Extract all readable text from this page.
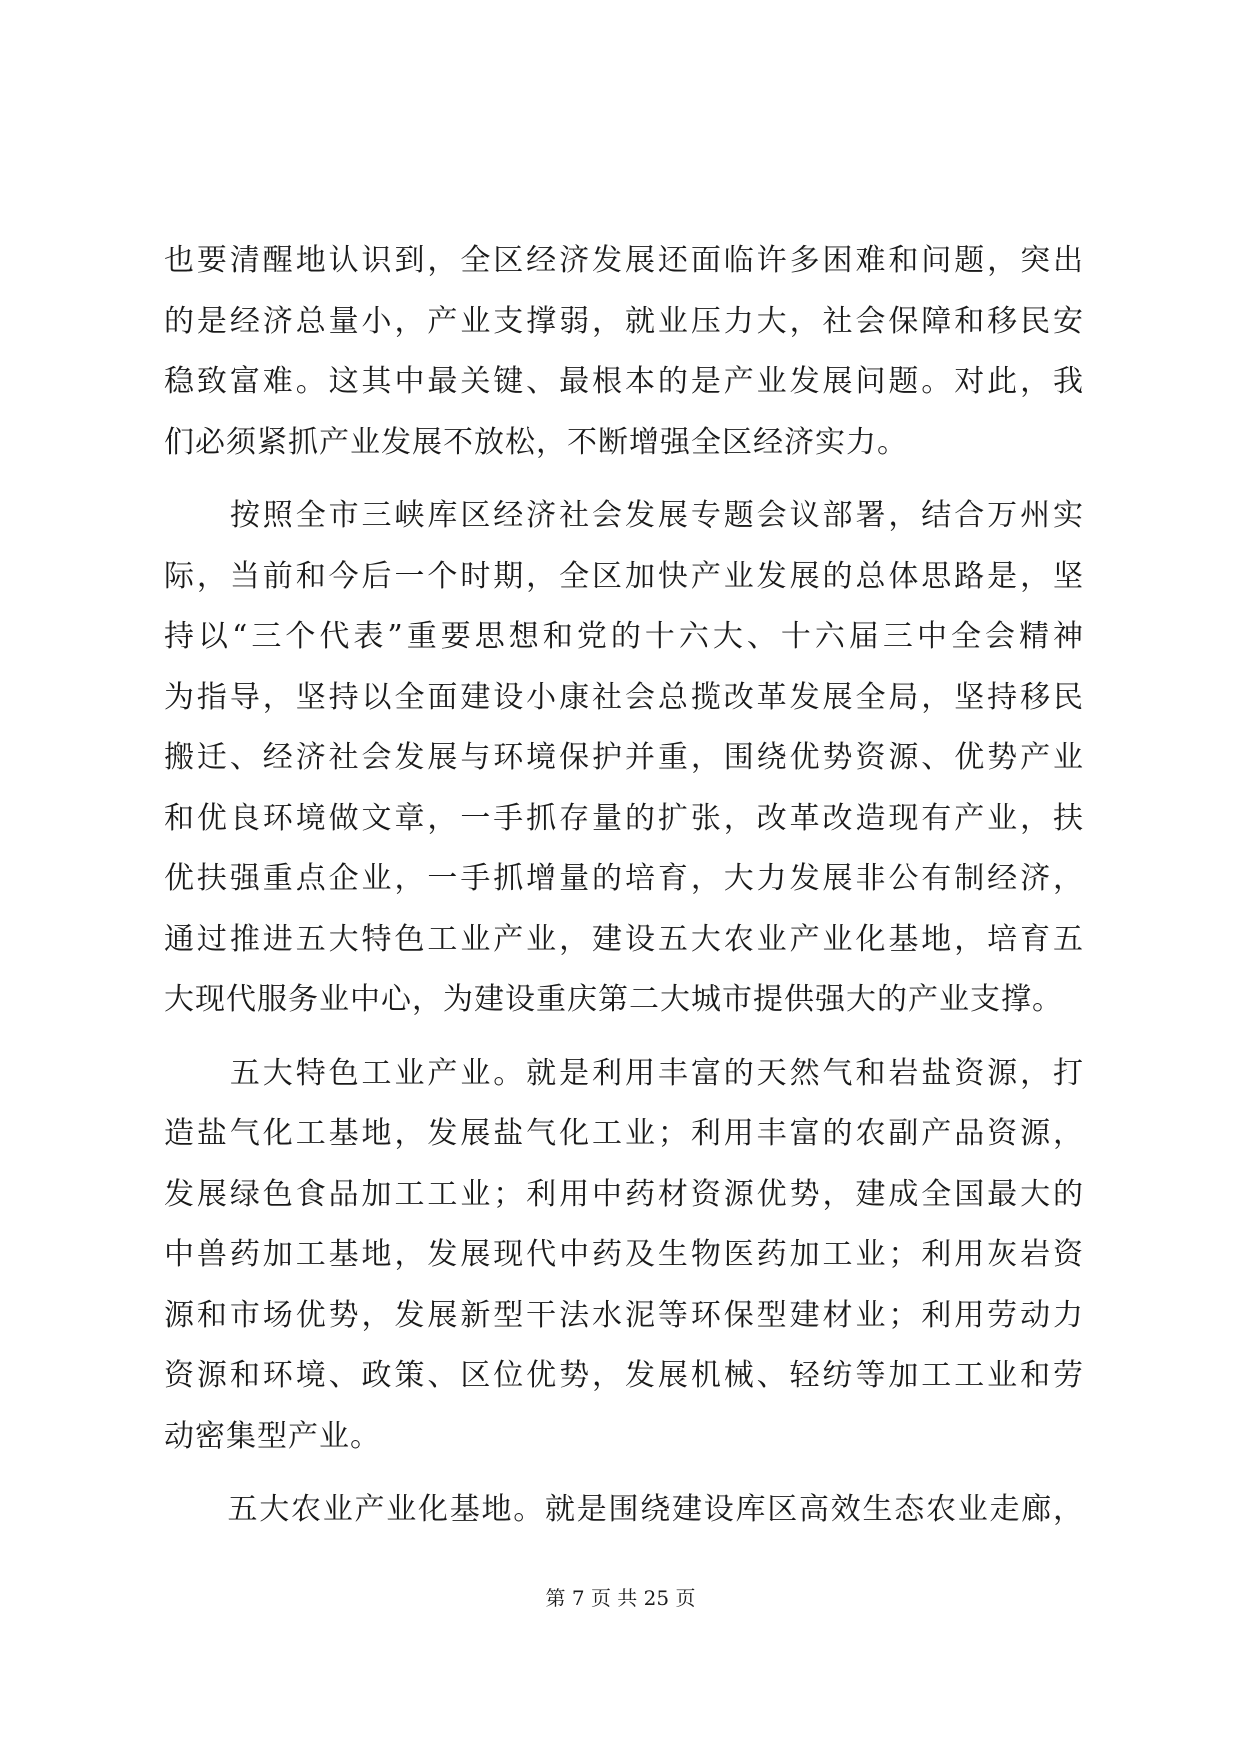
也要清醒地认识到，全区经济发展还面临许多困难和问题，突出
的是经济总量小，产业支撑弱，就业压力大，社会保障和移民安
稳致富难。这其中最关键、最根本的是产业发展问题。对此，我
们必须紧抓产业发展不放松，不断增强全区经济实力。
　　按照全市三峡库区经济社会发展专题会议部署，结合万州实
际，当前和今后一个时期，全区加快产业发展的总体思路是，坚
持以“三个代表”重要思想和党的十六大、十六届三中全会精神
为指导，坚持以全面建设小康社会总揽改革发展全局，坚持移民
搬迁、经济社会发展与环境保护并重，围绕优势资源、优势产业
和优良环境做文章，一手抓存量的扩张，改革改造现有产业，扶
优扶强重点企业，一手抓增量的培育，大力发展非公有制经济，
通过推进五大特色工业产业，建设五大农业产业化基地，培育五
大现代服务业中心，为建设重庆第二大城市提供强大的产业支撑。
　　五大特色工业产业。就是利用丰富的天然气和岩盐资源，打
造盐气化工基地，发展盐气化工业；利用丰富的农副产品资源，
发展绿色食品加工工业；利用中药材资源优势，建成全国最大的
中兽药加工基地，发展现代中药及生物医药加工业；利用灰岩资
源和市场优势，发展新型干法水泥等环保型建材业；利用劳动力
资源和环境、政策、区位优势，发展机械、轻纺等加工工业和劳
动密集型产业。
　　五大农业产业化基地。就是围绕建设库区高效生态农业走廊，
第 7 页 共 25 页
